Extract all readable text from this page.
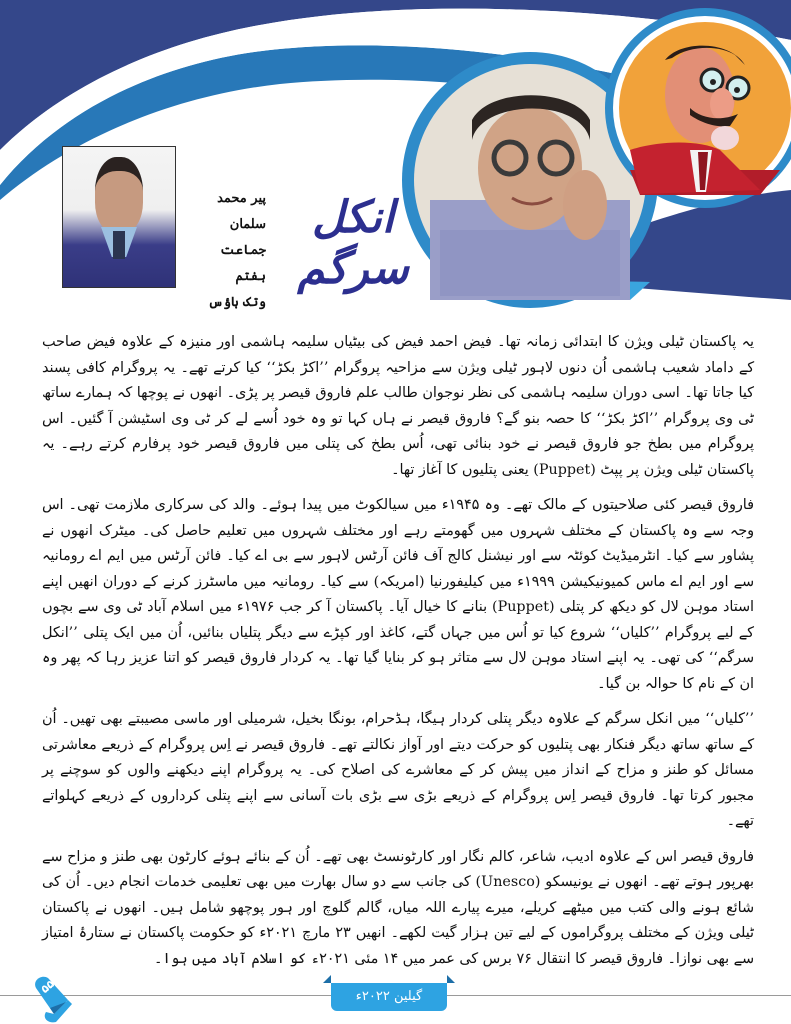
پیر محمد سلمان
جماعت ہفتم
وتک ہاؤس
انکل سرگم

یہ پاکستان ٹیلی ویژن کا ابتدائی زمانہ تھا۔ فیض احمد فیض کی بیٹیاں سلیمہ ہاشمی اور منیزہ کے علاوہ فیض صاحب کے داماد شعیب ہاشمی اُن دنوں لاہور ٹیلی ویژن سے مزاحیہ پروگرام ’’اکڑ بکڑ‘‘ کیا کرتے تھے۔ یہ پروگرام کافی پسند کیا جاتا تھا۔ اسی دوران سلیمہ ہاشمی کی نظر نوجوان طالب علم فاروق قیصر پر پڑی۔ انھوں نے پوچھا کہ ہمارے ساتھ ٹی وی پروگرام ’’اکڑ بکڑ‘‘ کا حصہ بنو گے؟ فاروق قیصر نے ہاں کہا تو وہ خود اُسے لے کر ٹی وی اسٹیشن آ گئیں۔ اس پروگرام میں بطخ جو فاروق قیصر نے خود بنائی تھی، اُس بطخ کی پتلی میں فاروق قیصر خود پرفارم کرتے رہے۔ یہ پاکستان ٹیلی ویژن پر پپٹ (Puppet) یعنی پتلیوں کا آغاز تھا۔

فاروق قیصر کئی صلاحیتوں کے مالک تھے۔ وہ ۱۹۴۵ء میں سیالکوٹ میں پیدا ہوئے۔ والد کی سرکاری ملازمت تھی۔ اس وجہ سے وہ پاکستان کے مختلف شہروں میں گھومتے رہے اور مختلف شہروں میں تعلیم حاصل کی۔ میٹرک انھوں نے پشاور سے کیا۔ انٹرمیڈیٹ کوئٹہ سے اور نیشنل کالج آف فائن آرٹس لاہور سے بی اے کیا۔ فائن آرٹس میں ایم اے رومانیہ سے اور ایم اے ماس کمیونیکیشن ۱۹۹۹ء میں کیلیفورنیا (امریکہ) سے کیا۔ رومانیہ میں ماسٹرز کرنے کے دوران انھیں اپنے استاد موہن لال کو دیکھ کر پتلی (Puppet) بنانے کا خیال آیا۔ پاکستان آ کر جب ۱۹۷۶ء میں اسلام آباد ٹی وی سے بچوں کے لیے پروگرام ’’کلیاں‘‘ شروع کیا تو اُس میں جہاں گتے، کاغذ اور کپڑے سے دیگر پتلیاں بنائیں، اُن میں ایک پتلی ’’انکل سرگم‘‘ کی تھی۔ یہ اپنے استاد موہن لال سے متاثر ہو کر بنایا گیا تھا۔ یہ کردار فاروق قیصر کو اتنا عزیز رہا کہ پھر وہ ان کے نام کا حوالہ بن گیا۔

’’کلیاں‘‘ میں انکل سرگم کے علاوہ دیگر پتلی کردار ہیگا، ہڈحرام، بونگا بخیل، شرمیلی اور ماسی مصیبتے بھی تھیں۔ اُن کے ساتھ ساتھ دیگر فنکار بھی پتلیوں کو حرکت دیتے اور آواز نکالتے تھے۔ فاروق قیصر نے اِس پروگرام کے ذریعے معاشرتی مسائل کو طنز و مزاح کے انداز میں پیش کر کے معاشرے کی اصلاح کی۔ یہ پروگرام اپنے دیکھنے والوں کو سوچنے پر مجبور کرتا تھا۔ فاروق قیصر اِس پروگرام کے ذریعے بڑی سے بڑی بات آسانی سے اپنے پتلی کرداروں کے ذریعے کہلواتے تھے۔

فاروق قیصر اس کے علاوہ ادیب، شاعر، کالم نگار اور کارٹونسٹ بھی تھے۔ اُن کے بنائے ہوئے کارٹون بھی طنز و مزاح سے بھرپور ہوتے تھے۔ انھوں نے یونیسکو (Unesco) کی جانب سے دو سال بھارت میں بھی تعلیمی خدمات انجام دیں۔ اُن کی شائع ہونے والی کتب میں میٹھے کریلے، میرے پیارے اللہ میاں، گالم گلوچ اور ہور پوچھو شامل ہیں۔ انھوں نے پاکستان ٹیلی ویژن کے مختلف پروگراموں کے لیے تین ہزار گیت لکھے۔ انھیں ۲۳ مارچ ۲۰۲۱ء کو حکومت پاکستان نے ستارۂ امتیاز سے بھی نوازا۔ فاروق قیصر کا انتقال ۷۶ برس کی عمر میں ۱۴ مئی ۲۰۲۱ء کو اسلام آباد میں ہوا۔

۵۵
گیلین ۲۰۲۲ء
